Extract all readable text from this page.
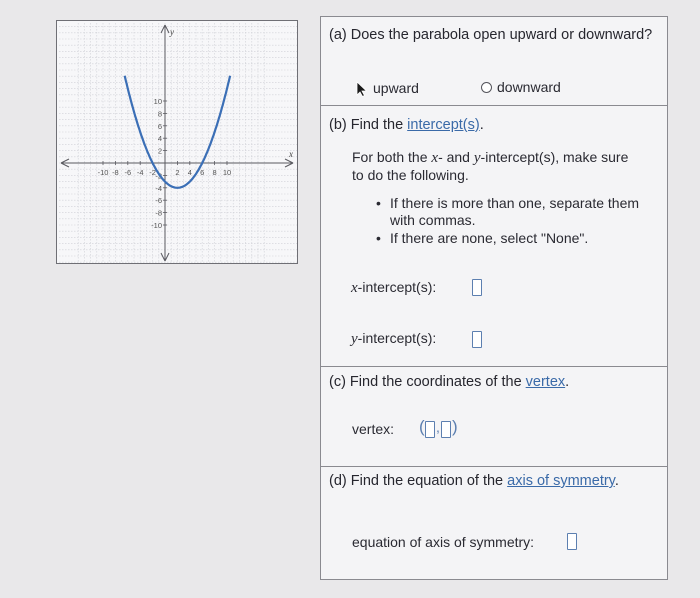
x
y
-10 -8 -6 -4 -2	2 4 6 8 10
10
8
6
4
2
-2
-4
-6
-8
-10
(a) Does the parabola open upward or downward?
upward	downward
(b) Find the intercept(s).
For both the x- and y-intercept(s), make sure
to do the following.
• If there is more than one, separate them
with commas.
• If there are none, select "None".
x-intercept(s):
y-intercept(s):
(c) Find the coordinates of the vertex.
vertex: ( , )
(d) Find the equation of the axis of symmetry.
equation of axis of symmetry:
